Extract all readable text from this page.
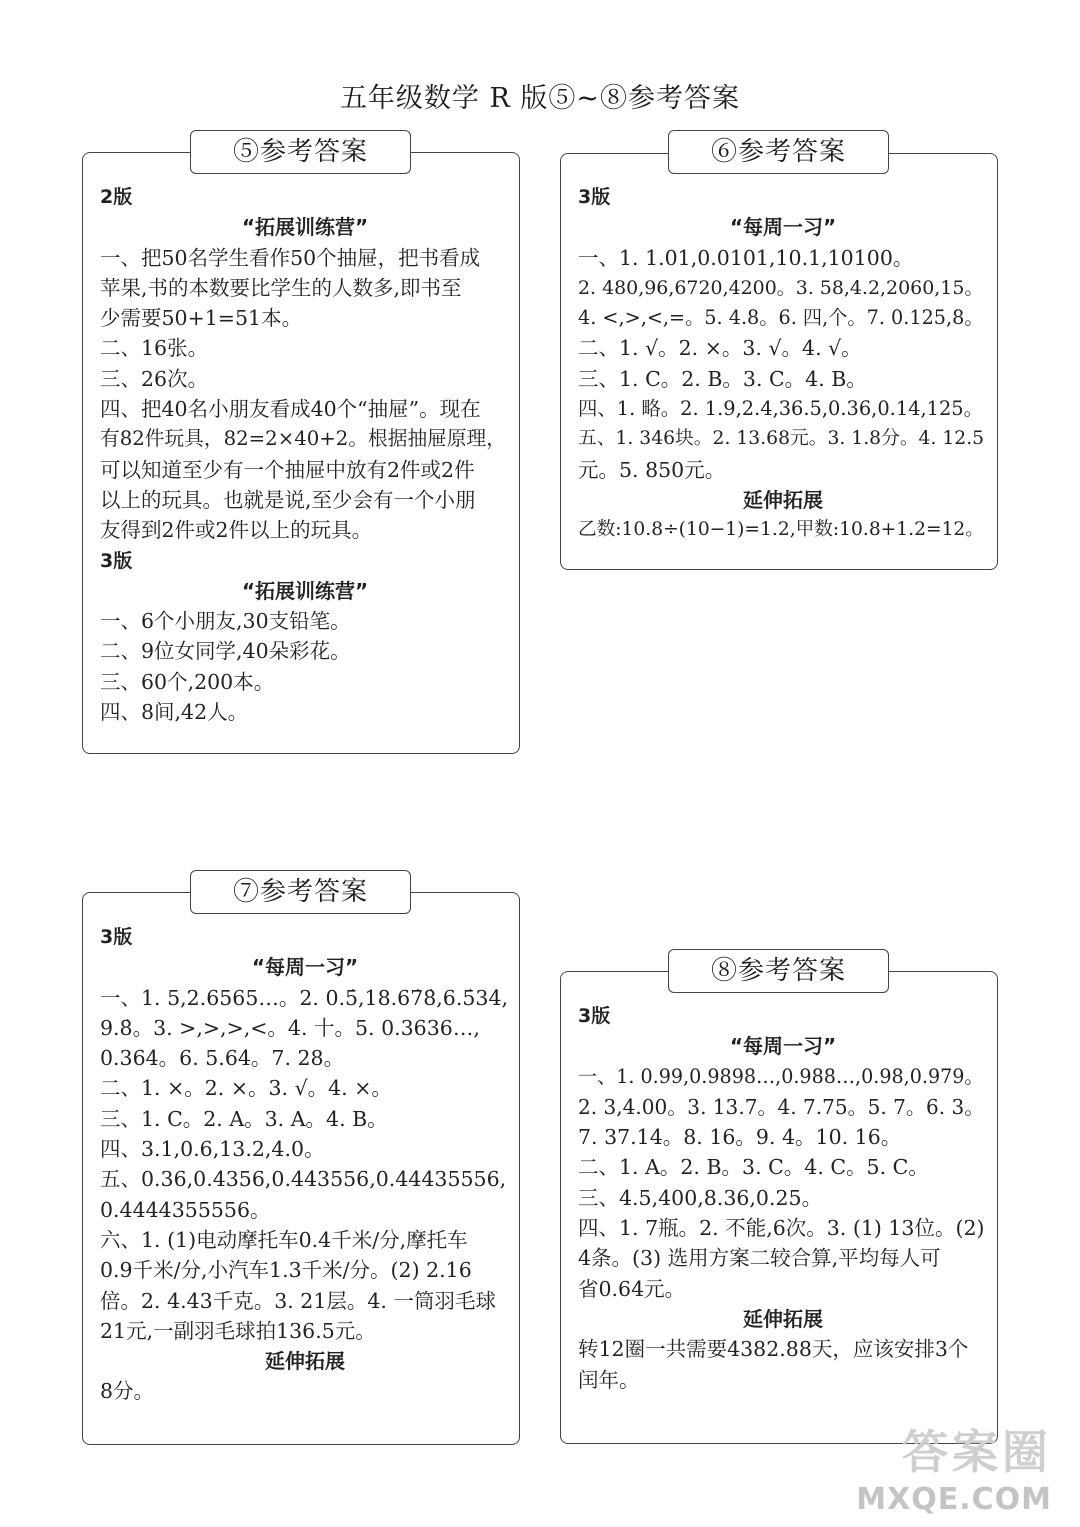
五年级数学 R 版⑤~⑧参考答案
⑤参考答案
2版
“拓展训练营”
一、把50名学生看作50个抽屉，把书看成
苹果,书的本数要比学生的人数多,即书至
少需要50+1=51本。
二、16张。
三、26次。
四、把40名小朋友看成40个“抽屉”。现在
有82件玩具，82=2×40+2。根据抽屉原理，
可以知道至少有一个抽屉中放有2件或2件
以上的玩具。也就是说,至少会有一个小朋
友得到2件或2件以上的玩具。
3版
“拓展训练营”
一、6个小朋友,30支铅笔。
二、9位女同学,40朵彩花。
三、60个,200本。
四、8间,42人。
⑥参考答案
3版
“每周一习”
一、1. 1.01,0.0101,10.1,10100。
2. 480,96,6720,4200。3. 58,4.2,2060,15。
4. <,>,<,=。5. 4.8。6. 四,个。7. 0.125,8。
二、1. √。2. ×。3. √。4. √。
三、1. C。2. B。3. C。4. B。
四、1. 略。2. 1.9,2.4,36.5,0.36,0.14,125。
五、1. 346块。2. 13.68元。3. 1.8分。4. 12.5
元。5. 850元。
延伸拓展
乙数:10.8÷(10−1)=1.2,甲数:10.8+1.2=12。
⑦参考答案
3版
“每周一习”
一、1. 5,2.6565…。2. 0.5̇,18.67̇8̇,6.5̇34̇,
9.8̇。3. >,>,>,<。4. 十。5. 0.3636…,
0.364。6. 5.64。7. 28。
二、1. ×。2. ×。3. √。4. ×。
三、1. C。2. A。3. A。4. B。
四、3.1,0.6,13.2,4.0。
五、0.36,0.4356,0.443556,0.44435556,
0.4444355556。
六、1. (1)电动摩托车0.4千米/分,摩托车
0.9千米/分,小汽车1.3千米/分。(2) 2.16
倍。2. 4.43千克。3. 21层。4. 一筒羽毛球
21元,一副羽毛球拍136.5元。
延伸拓展
8分。
⑧参考答案
3版
“每周一习”
一、1. 0.99,0.9898…,0.988…,0.98,0.979。
2. 3,4.00。3. 13.7。4. 7.75。5. 7。6. 3。
7. 37.14。8. 16。9. 4。10. 16。
二、1. A。2. B。3. C。4. C。5. C。
三、4.5,400,8.36,0.25。
四、1. 7瓶。2. 不能,6次。3. (1) 13位。(2)
4条。(3) 选用方案二较合算,平均每人可
省0.64元。
延伸拓展
转12圈一共需要4382.88天，应该安排3个
闰年。
答案圈
MXQE.COM
